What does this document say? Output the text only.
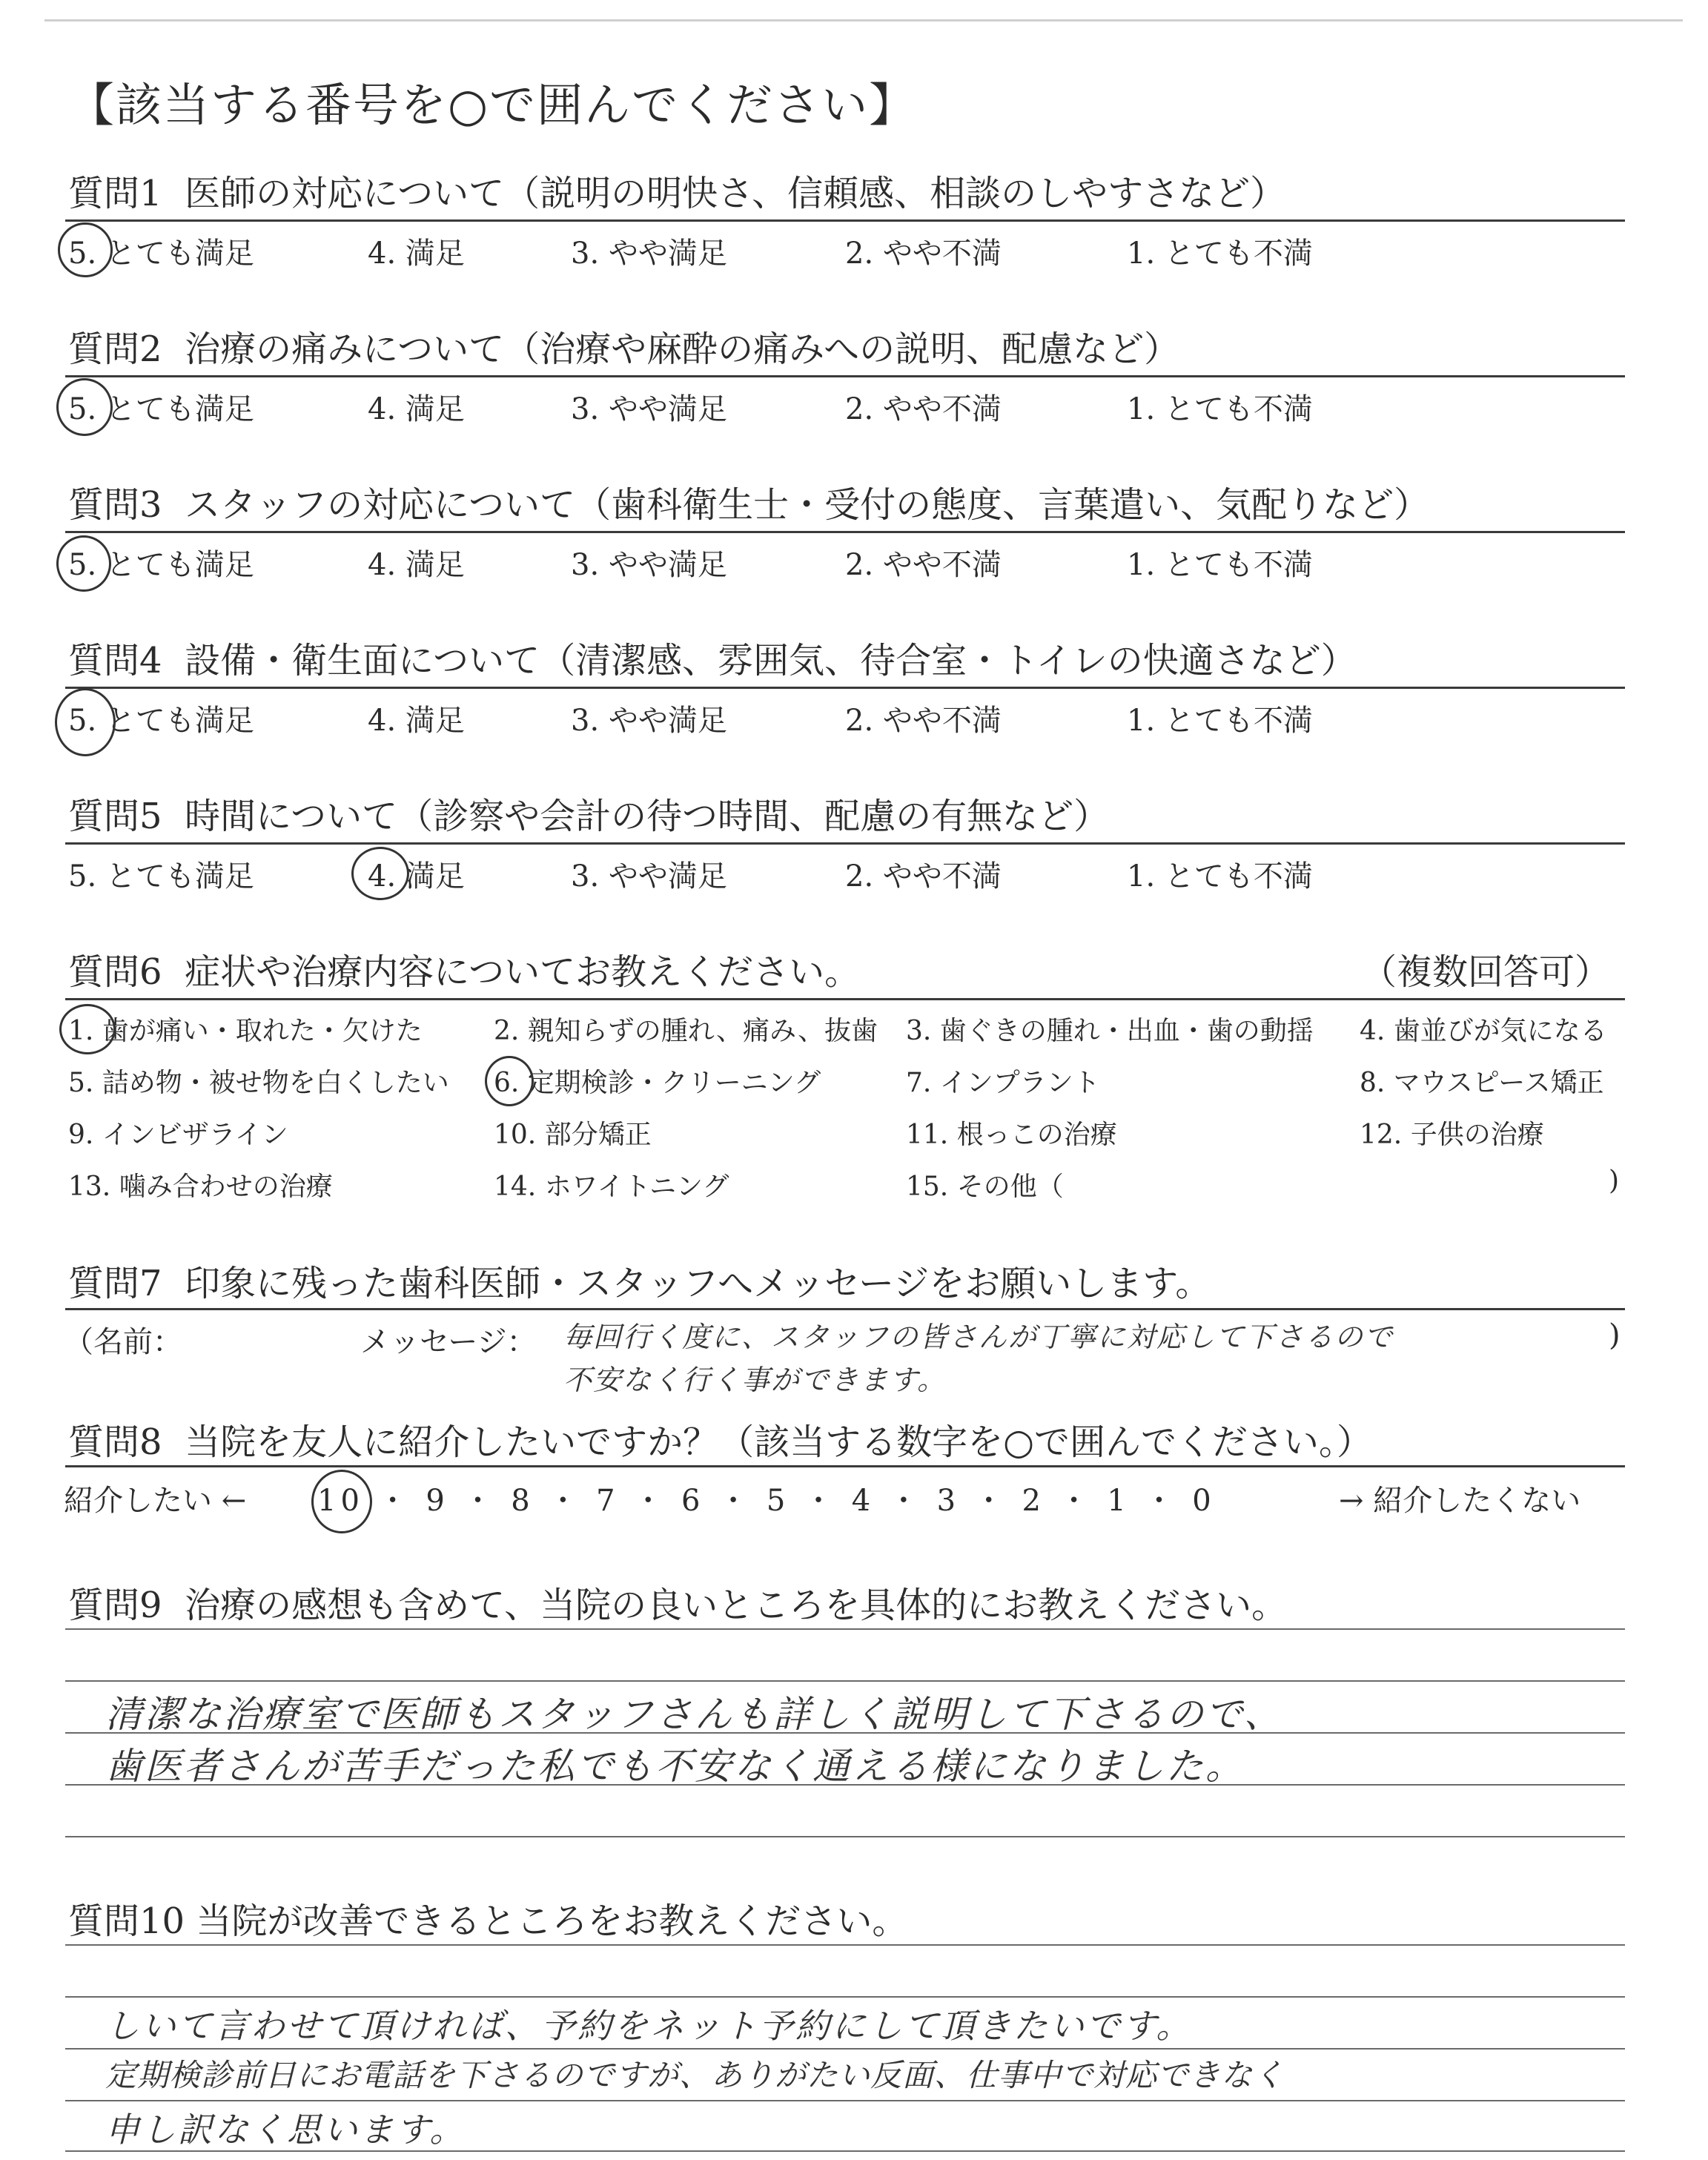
【該当する番号を○で囲んでください】
質問1 医師の対応について（説明の明快さ、信頼感、相談のしやすさなど）
5. とても満足	4. 満足	3. やや満足	2. やや不満	1. とても不満
質問2 治療の痛みについて（治療や麻酔の痛みへの説明、配慮など）
5. とても満足	4. 満足	3. やや満足	2. やや不満	1. とても不満
質問3 スタッフの対応について（歯科衛生士・受付の態度、言葉遣い、気配りなど）
5. とても満足	4. 満足	3. やや満足	2. やや不満	1. とても不満
質問4 設備・衛生面について（清潔感、雰囲気、待合室・トイレの快適さなど）
5. とても満足	4. 満足	3. やや満足	2. やや不満	1. とても不満
質問5 時間について（診察や会計の待つ時間、配慮の有無など）
5. とても満足	4. 満足	3. やや満足	2. やや不満	1. とても不満
質問6 症状や治療内容についてお教えください。	（複数回答可）
1. 歯が痛い・取れた・欠けた	2. 親知らずの腫れ、痛み、抜歯 3. 歯ぐきの腫れ・出血・歯の動揺 4. 歯並びが気になる
5. 詰め物・被せ物を白くしたい 6. 定期検診・クリーニング	7. インプラント	8. マウスピース矯正
9. インビザライン	10. 部分矯正	11. 根っこの治療	12. 子供の治療
13. 噛み合わせの治療	14. ホワイトニング	15. その他（	)
質問7 印象に残った歯科医師・スタッフへメッセージをお願いします。
（名前：	メッセージ：	)
毎回行く度に、スタッフの皆さんが丁寧に対応して下さるので
不安なく行く事ができます。
質問8 当院を友人に紹介したいですか？（該当する数字を○で囲んでください。）
紹介したい ← 10 ・ 9 ・ 8 ・ 7 ・ 6 ・ 5 ・ 4 ・ 3 ・ 2 ・ 1 ・ 0	→ 紹介したくない
質問9 治療の感想も含めて、当院の良いところを具体的にお教えください。
清潔な治療室で医師もスタッフさんも詳しく説明して下さるので、
歯医者さんが苦手だった私でも不安なく通える様になりました。
質問10 当院が改善できるところをお教えください。
しいて言わせて頂ければ、予約をネット予約にして頂きたいです。
定期検診前日にお電話を下さるのですが、ありがたい反面、仕事中で対応できなく
申し訳なく思います。
